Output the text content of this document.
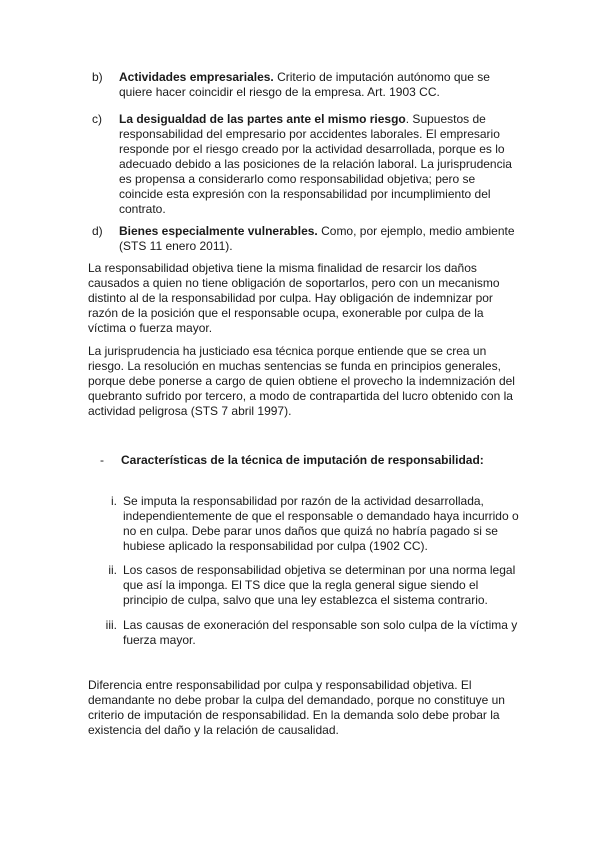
b) Actividades empresariales. Criterio de imputación autónomo que se quiere hacer coincidir el riesgo de la empresa. Art. 1903 CC.
c) La desigualdad de las partes ante el mismo riesgo. Supuestos de responsabilidad del empresario por accidentes laborales. El empresario responde por el riesgo creado por la actividad desarrollada, porque es lo adecuado debido a las posiciones de la relación laboral. La jurisprudencia es propensa a considerarlo como responsabilidad objetiva; pero se coincide esta expresión con la responsabilidad por incumplimiento del contrato.
d) Bienes especialmente vulnerables. Como, por ejemplo, medio ambiente (STS 11 enero 2011).
La responsabilidad objetiva tiene la misma finalidad de resarcir los daños causados a quien no tiene obligación de soportarlos, pero con un mecanismo distinto al de la responsabilidad por culpa. Hay obligación de indemnizar por razón de la posición que el responsable ocupa, exonerable por culpa de la víctima o fuerza mayor.
La jurisprudencia ha justiciado esa técnica porque entiende que se crea un riesgo. La resolución en muchas sentencias se funda en principios generales, porque debe ponerse a cargo de quien obtiene el provecho la indemnización del quebranto sufrido por tercero, a modo de contrapartida del lucro obtenido con la actividad peligrosa (STS 7 abril 1997).
- Características de la técnica de imputación de responsabilidad:
i. Se imputa la responsabilidad por razón de la actividad desarrollada, independientemente de que el responsable o demandado haya incurrido o no en culpa. Debe parar unos daños que quizá no habría pagado si se hubiese aplicado la responsabilidad por culpa (1902 CC).
ii. Los casos de responsabilidad objetiva se determinan por una norma legal que así la imponga. El TS dice que la regla general sigue siendo el principio de culpa, salvo que una ley establezca el sistema contrario.
iii. Las causas de exoneración del responsable son solo culpa de la víctima y fuerza mayor.
Diferencia entre responsabilidad por culpa y responsabilidad objetiva. El demandante no debe probar la culpa del demandado, porque no constituye un criterio de imputación de responsabilidad. En la demanda solo debe probar la existencia del daño y la relación de causalidad.
